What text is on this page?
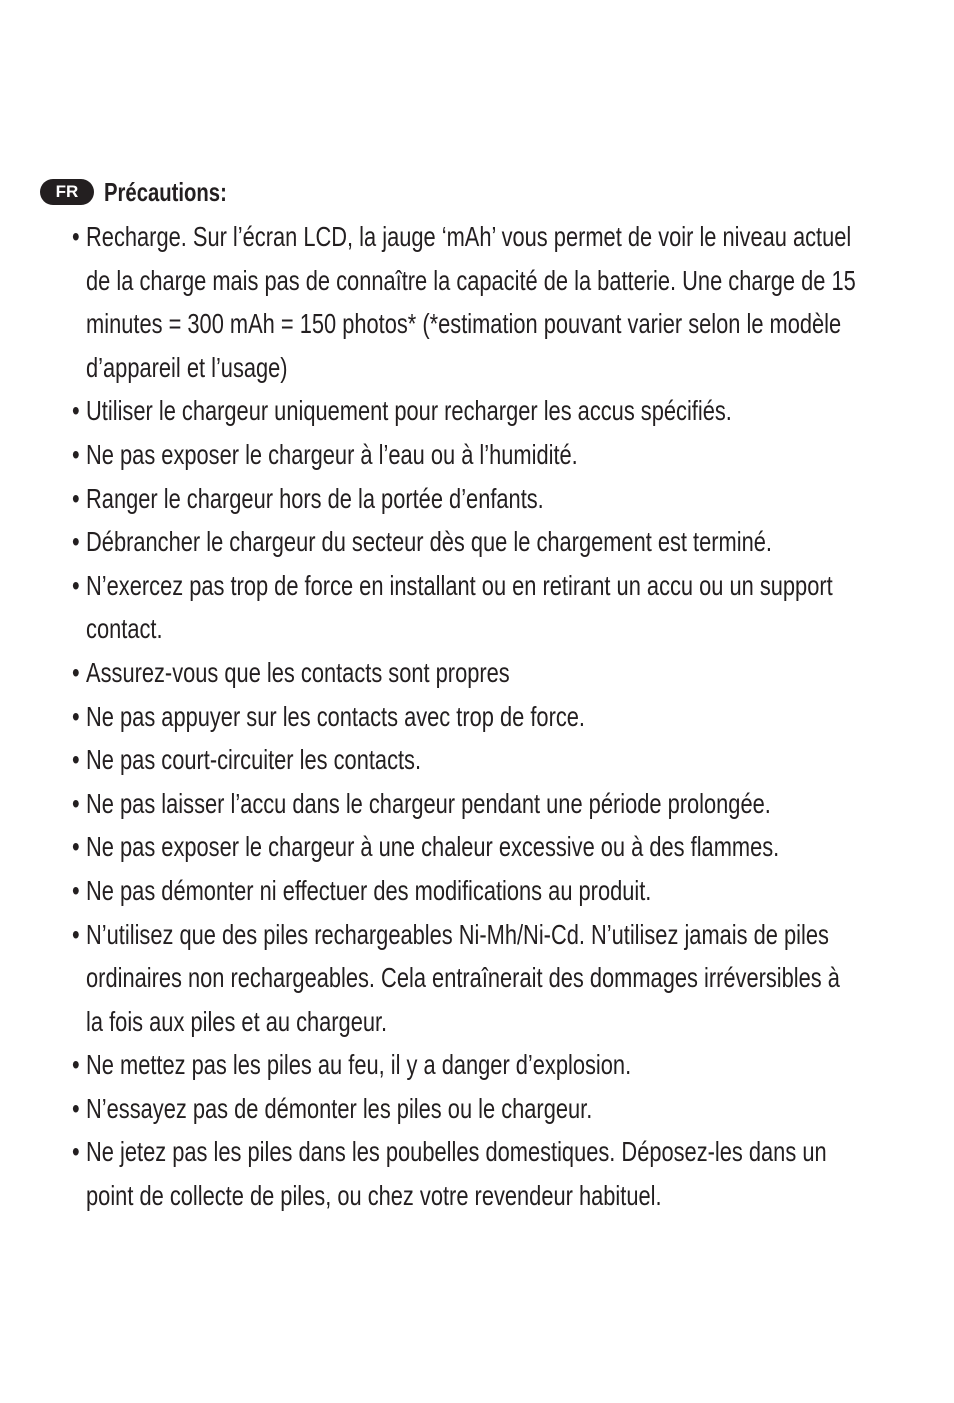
FR Précautions:
• Recharge. Sur l’écran LCD, la jauge ‘mAh’ vous permet de voir le niveau actuel de la charge mais pas de connaître la capacité de la batterie. Une charge de 15 minutes = 300 mAh = 150 photos* (*estimation pouvant varier selon le modèle d’appareil et l’usage)
• Utiliser le chargeur uniquement pour recharger les accus spécifiés.
• Ne pas exposer le chargeur à l’eau ou à l’humidité.
• Ranger le chargeur hors de la portée d’enfants.
• Débrancher le chargeur du secteur dès que le chargement est terminé.
• N’exercez pas trop de force en installant ou en retirant un accu ou un support contact.
• Assurez-vous que les contacts sont propres
• Ne pas appuyer sur les contacts avec trop de force.
• Ne pas court-circuiter les contacts.
• Ne pas laisser l’accu dans le chargeur pendant une période prolongée.
• Ne pas exposer le chargeur à une chaleur excessive ou à des flammes.
• Ne pas démonter ni effectuer des modifications au produit.
• N’utilisez que des piles rechargeables Ni-Mh/Ni-Cd. N’utilisez jamais de piles ordinaires non rechargeables. Cela entraînerait des dommages irréversibles à la fois aux piles et au chargeur.
• Ne mettez pas les piles au feu, il y a danger d’explosion.
• N’essayez pas de démonter les piles ou le chargeur.
• Ne jetez pas les piles dans les poubelles domestiques. Déposez-les dans un point de collecte de piles, ou chez votre revendeur habituel.
